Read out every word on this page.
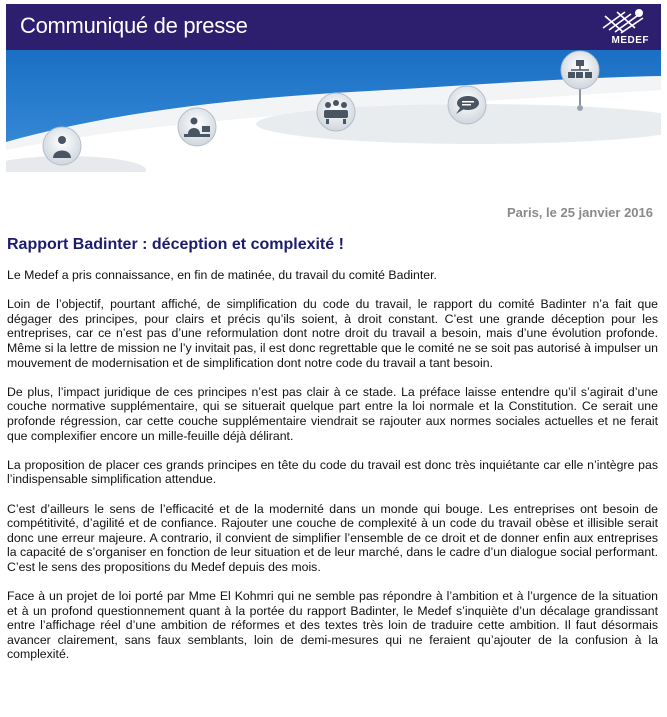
Communiqué de presse
MEDEF
Paris, le 25 janvier 2016
Rapport Badinter : déception et complexité !

Le Medef a pris connaissance, en fin de matinée, du travail du comité Badinter.

Loin de l’objectif, pourtant affiché, de simplification du code du travail, le rapport du comité Badinter n’a fait que dégager des principes, pour clairs et précis qu’ils soient, à droit constant. C’est une grande déception pour les entreprises, car ce n’est pas d’une reformulation dont notre droit du travail a besoin, mais d’une évolution profonde. Même si la lettre de mission ne l’y invitait pas, il est donc regrettable que le comité ne se soit pas autorisé à impulser un mouvement de modernisation et de simplification dont notre code du travail a tant besoin.

De plus, l’impact juridique de ces principes n’est pas clair à ce stade. La préface laisse entendre qu’il s’agirait d’une couche normative supplémentaire, qui se situerait quelque part entre la loi normale et la Constitution. Ce serait une profonde régression, car cette couche supplémentaire viendrait se rajouter aux normes sociales actuelles et ne ferait que complexifier encore un mille-feuille déjà délirant.

La proposition de placer ces grands principes en tête du code du travail est donc très inquiétante car elle n’intègre pas l’indispensable simplification attendue.

C’est d’ailleurs le sens de l’efficacité et de la modernité dans un monde qui bouge. Les entreprises ont besoin de compétitivité, d’agilité et de confiance. Rajouter une couche de complexité à un code du travail obèse et illisible serait donc une erreur majeure. A contrario, il convient de simplifier l’ensemble de ce droit et de donner enfin aux entreprises la capacité de s’organiser en fonction de leur situation et de leur marché, dans le cadre d’un dialogue social performant. C’est le sens des propositions du Medef depuis des mois.

Face à un projet de loi porté par Mme El Kohmri qui ne semble pas répondre à l’ambition et à l’urgence de la situation et à un profond questionnement quant à la portée du rapport Badinter, le Medef s’inquiète d’un décalage grandissant entre l’affichage réel d’une ambition de réformes et des textes très loin de traduire cette ambition. Il faut désormais avancer clairement, sans faux semblants, loin de demi-mesures qui ne feraient qu’ajouter de la confusion à la complexité.
